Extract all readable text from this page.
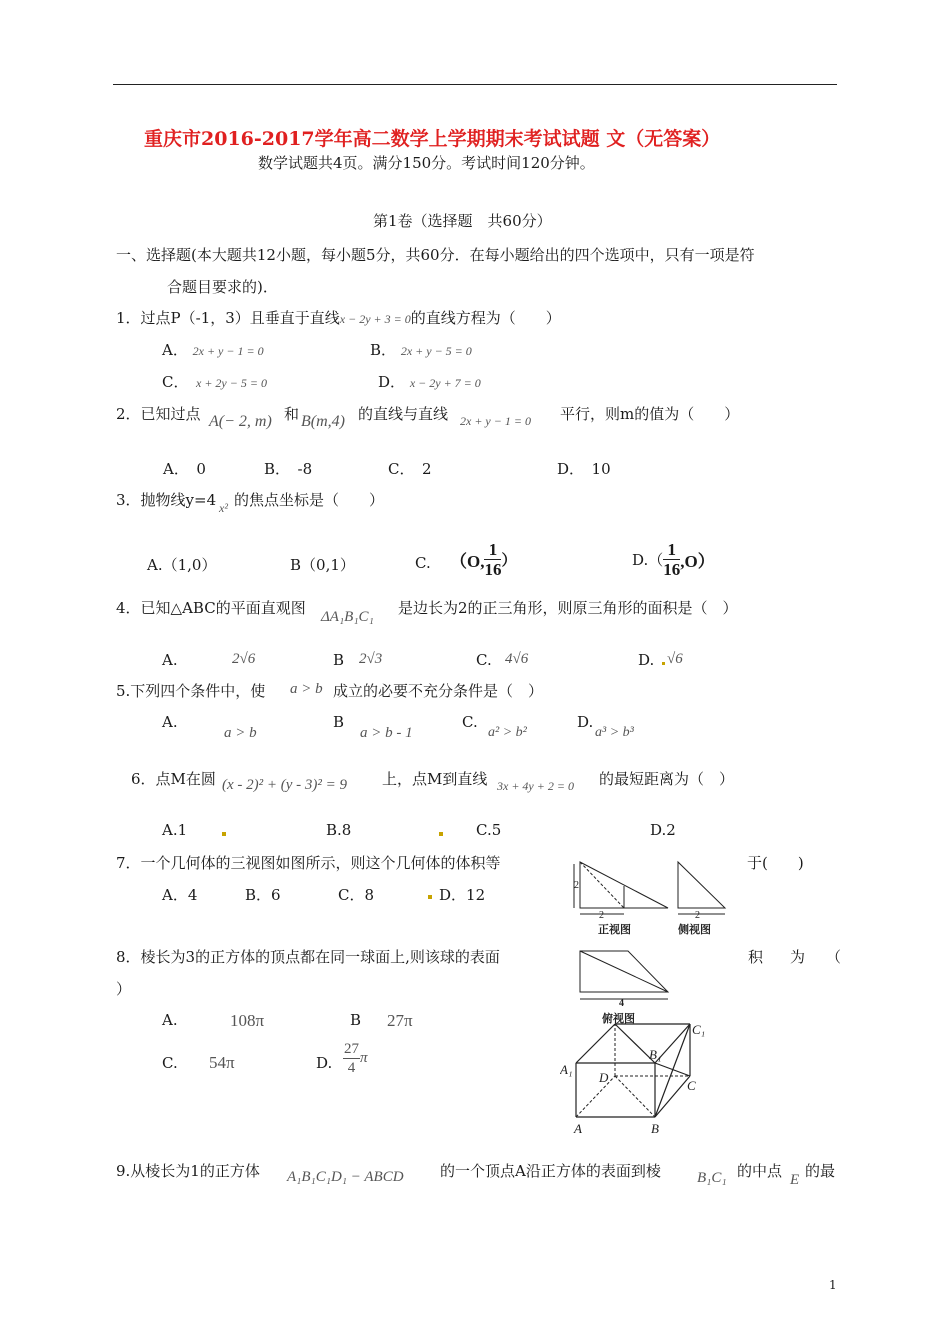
重庆市2016-2017学年高二数学上学期期末考试试题 文（无答案）
数学试题共4页。满分150分。考试时间120分钟。
第1卷（选择题　共60分）
一、选择题(本大题共12小题，每小题5分，共60分．在每小题给出的四个选项中，只有一项是符
合题目要求的)．
1．过点P（-1，3）且垂直于直线x − 2y + 3 = 0的直线方程为（　　）
A． 2x + y − 1 = 0	B． 2x + y − 5 = 0
C．　 x + 2y − 5 = 0	D． x − 2y + 7 = 0
2．已知过点 A(− 2, m) 和 B(m,4) 的直线与直线 2x + y − 1 = 0 平行，则m的值为（　　）
A．　0	B．　-8	C．　2	D．　10
3．抛物线y=4 x² 的焦点坐标是（　　）
A.（1,0）	B（0,1）	C. （O, $\frac{1}{16}$ ）	$D.( \frac{1}{16} ,O)$
4．已知△ABC的平面直观图 ΔA₁B₁C₁ 是边长为2的正三角形，则原三角形的面积是（　）
A.	2√6	B 2√3	C. 4√6	D. √6
5.下列四个条件中，使 a > b 成立的必要不充分条件是（　）
A.
a > b
B
a > b - 1
C.
a² > b²
D.
a³ > b³
6．点M在圆 (x - 2)² + (y - 3)² = 9 上，点M到直线 3x + 4y + 2 = 0 的最短距离为（　）
A.1	B.8	C.5	D.2
7．一个几何体的三视图如图所示，则这个几何体的体积等	于(　　)
A．4	B．6	C．8	D．12
2
2
正视图
2
侧视图
4
俯视图
8．棱长为3的正方体的顶点都在同一球面上,则该球的表面	积 为 （
）
A.	108π	B 27π
C. 54π	D. $\frac{27}{4}$ π
A	B
C
D
A₁
B₁
C₁
9.从棱长为1的正方体 A₁B₁C₁D₁ − ABCD 的一个顶点A沿正方体的表面到棱 B₁C₁ 的中点 E 的最
1
